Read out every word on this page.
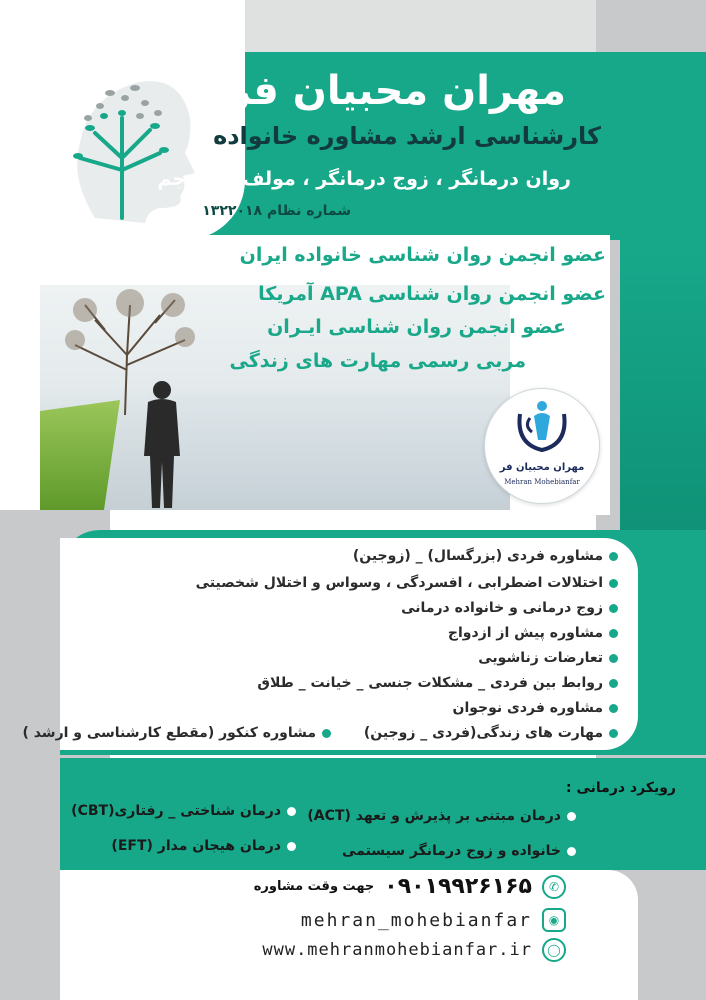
مهران محبیان فر
کارشناسی ارشد مشاوره خانواده
روان درمانگر ، زوج درمانگر ، مولف و مترجم
شماره نظام ۱۳۲۲۰۱۸
عضو انجمن روان شناسی خانواده ایران
عضو انجمن روان شناسی APA آمریکا
عضو انجمن روان شناسی ایـران
مربی رسمی مهارت های زندگی
مهران محبیان فر
Mehran Mohebianfar
مشاوره فردی (بزرگسال) _ (زوجین)
اختلالات اضطرابی ، افسردگی ، وسواس و اختلال شخصیتی
زوج درمانی و خانواده درمانی
مشاوره پیش از ازدواج
تعارضات زناشویی
روابط بین فردی _ مشکلات جنسی _ خیانت _ طلاق
مشاوره فردی نوجوان
مهارت های زندگی(فردی _ زوجین)
مشاوره کنکور (مقطع کارشناسی و ارشد )
رویکرد درمانی :
درمان مبتنی بر پذیرش و تعهد (ACT)
درمان شناختی _ رفتاری(CBT)
خانواده و زوج درمانگر سیستمی
درمان هیجان مدار (EFT)
جهت وقت مشاوره ۰۹۰۱۹۹۲۶۱۶۵	✆
mehran_mohebianfar	◉
www.mehranmohebianfar.ir	◯
